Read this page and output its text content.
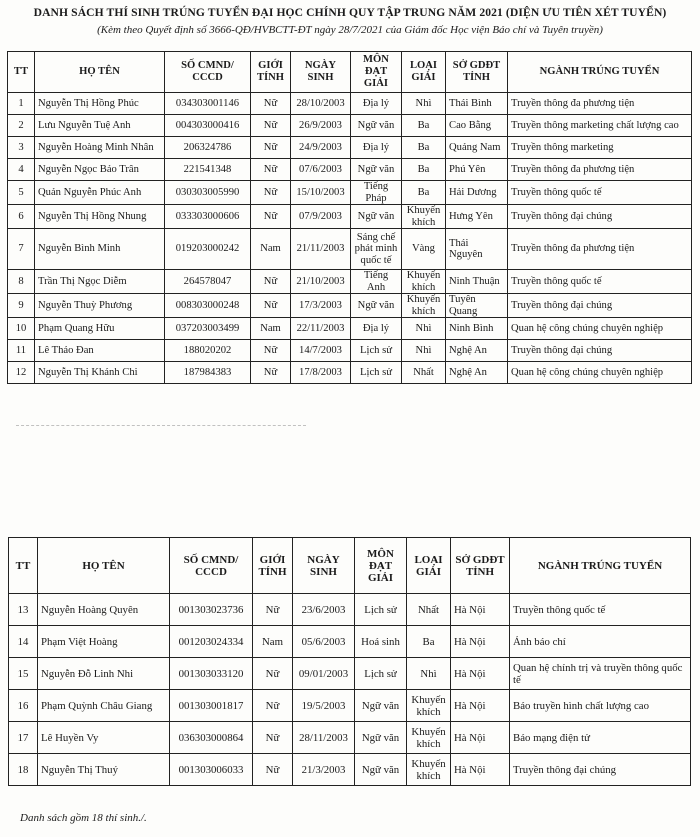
DANH SÁCH THÍ SINH TRÚNG TUYỂN ĐẠI HỌC CHÍNH QUY TẬP TRUNG NĂM 2021 (DIỆN ƯU TIÊN XÉT TUYỂN)
(Kèm theo Quyết định số 3666-QĐ/HVBCTT-ĐT ngày 28/7/2021 của Giám đốc Học viện Báo chí và Tuyên truyền)
TT	HỌ TÊN	SỐ CMND/ CCCD	GIỚI TÍNH	NGÀY SINH	MÔN ĐẠT GIẢI	LOẠI GIẢI	SỞ GDĐT TỈNH	NGÀNH TRÚNG TUYỂN
1	Nguyễn Thị Hồng Phúc	034303001146	Nữ	28/10/2003	Địa lý	Nhì	Thái Bình	Truyền thông đa phương tiện
2	Lưu Nguyễn Tuệ Anh	004303000416	Nữ	26/9/2003	Ngữ văn	Ba	Cao Bằng	Truyền thông marketing chất lượng cao
3	Nguyễn Hoàng Minh Nhân	206324786	Nữ	24/9/2003	Địa lý	Ba	Quảng Nam	Truyền thông marketing
4	Nguyễn Ngọc Bảo Trân	221541348	Nữ	07/6/2003	Ngữ văn	Ba	Phú Yên	Truyền thông đa phương tiện
5	Quản Nguyễn Phúc Anh	030303005990	Nữ	15/10/2003	Tiếng Pháp	Ba	Hải Dương	Truyền thông quốc tế
6	Nguyễn Thị Hồng Nhung	033303000606	Nữ	07/9/2003	Ngữ văn	Khuyến khích	Hưng Yên	Truyền thông đại chúng
7	Nguyễn Bình Minh	019203000242	Nam	21/11/2003	Sáng chế phát minh quốc tế	Vàng	Thái Nguyên	Truyền thông đa phương tiện
8	Trần Thị Ngọc Diễm	264578047	Nữ	21/10/2003	Tiếng Anh	Khuyến khích	Ninh Thuận	Truyền thông quốc tế
9	Nguyễn Thuỳ Phương	008303000248	Nữ	17/3/2003	Ngữ văn	Khuyến khích	Tuyên Quang	Truyền thông đại chúng
10	Phạm Quang Hữu	037203003499	Nam	22/11/2003	Địa lý	Nhì	Ninh Bình	Quan hệ công chúng chuyên nghiệp
11	Lê Thảo Đan	188020202	Nữ	14/7/2003	Lịch sử	Nhì	Nghệ An	Truyền thông đại chúng
12	Nguyễn Thị Khánh Chi	187984383	Nữ	17/8/2003	Lịch sử	Nhất	Nghệ An	Quan hệ công chúng chuyên nghiệp
TT	HỌ TÊN	SỐ CMND/ CCCD	GIỚI TÍNH	NGÀY SINH	MÔN ĐẠT GIẢI	LOẠI GIẢI	SỞ GDĐT TỈNH	NGÀNH TRÚNG TUYỂN
13	Nguyễn Hoàng Quyên	001303023736	Nữ	23/6/2003	Lịch sử	Nhất	Hà Nội	Truyền thông quốc tế
14	Phạm Việt Hoàng	001203024334	Nam	05/6/2003	Hoá sinh	Ba	Hà Nội	Ảnh báo chí
15	Nguyễn Đỗ Linh Nhi	001303033120	Nữ	09/01/2003	Lịch sử	Nhì	Hà Nội	Quan hệ chính trị và truyền thông quốc tế
16	Phạm Quỳnh Châu Giang	001303001817	Nữ	19/5/2003	Ngữ văn	Khuyến khích	Hà Nội	Báo truyền hình chất lượng cao
17	Lê Huyền Vy	036303000864	Nữ	28/11/2003	Ngữ văn	Khuyến khích	Hà Nội	Báo mạng điện tử
18	Nguyễn Thị Thuý	001303006033	Nữ	21/3/2003	Ngữ văn	Khuyến khích	Hà Nội	Truyền thông đại chúng
Danh sách gồm 18 thí sinh./.
